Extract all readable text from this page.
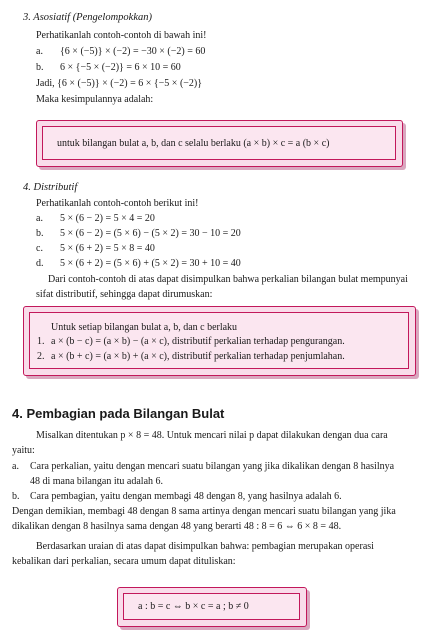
3. Asosiatif (Pengelompokkan)
Perhatikanlah contoh-contoh di bawah ini!
a. {6 × (−5)} × (−2) = −30 × (−2) = 60
b. 6 × {−5 × (−2)} = 6 × 10 = 60
Jadi, {6 × (−5)} × (−2) = 6 × {−5 × (−2)}
Maka kesimpulannya adalah:
untuk bilangan bulat a, b, dan c selalu berlaku (a × b) × c = a (b × c)
4. Distributif
Perhatikanlah contoh-contoh berikut ini!
a. 5 × (6 − 2) = 5 × 4 = 20
b. 5 × (6 − 2) = (5 × 6) − (5 × 2) = 30 − 10 = 20
c. 5 × (6 + 2) = 5 × 8 = 40
d. 5 × (6 + 2) = (5 × 6) + (5 × 2) = 30 + 10 = 40
Dari contoh-contoh di atas dapat disimpulkan bahwa perkalian bilangan bulat mempunyai
sifat distributif, sehingga dapat dirumuskan:
Untuk setiap bilangan bulat a, b, dan c berlaku
1. a × (b − c) = (a × b) − (a × c), distributif perkalian terhadap pengurangan.
2. a × (b + c) = (a × b) + (a × c), distributif perkalian terhadap penjumlahan.
4. Pembagian pada Bilangan Bulat
Misalkan ditentukan p × 8 = 48. Untuk mencari nilai p dapat dilakukan dengan dua cara
yaitu:
a. Cara perkalian, yaitu dengan mencari suatu bilangan yang jika dikalikan dengan 8 hasilnya
48 di mana bilangan itu adalah 6.
b. Cara pembagian, yaitu dengan membagi 48 dengan 8, yang hasilnya adalah 6.
Dengan demikian, membagi 48 dengan 8 sama artinya dengan mencari suatu bilangan yang jika
dikalikan dengan 8 hasilnya sama dengan 48 yang berarti 48 : 8 = 6 ⇔ 6 × 8 = 48.
Berdasarkan uraian di atas dapat disimpulkan bahwa: pembagian merupakan operasi
kebalikan dari perkalian, secara umum dapat dituliskan:
a : b = c ⇔ b × c = a ; b ≠ 0
